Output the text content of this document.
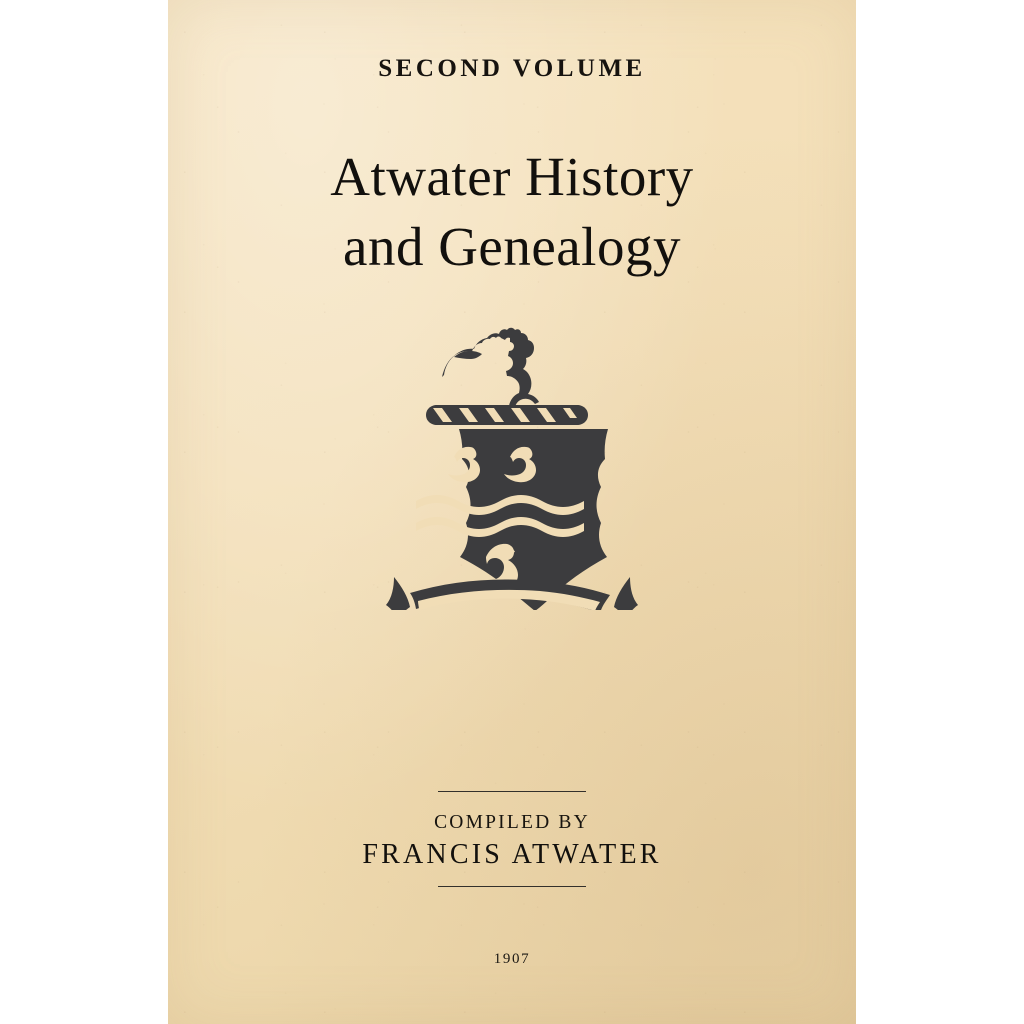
SECOND VOLUME
Atwater History
and Genealogy
COMPILED BY
FRANCIS ATWATER
1907
